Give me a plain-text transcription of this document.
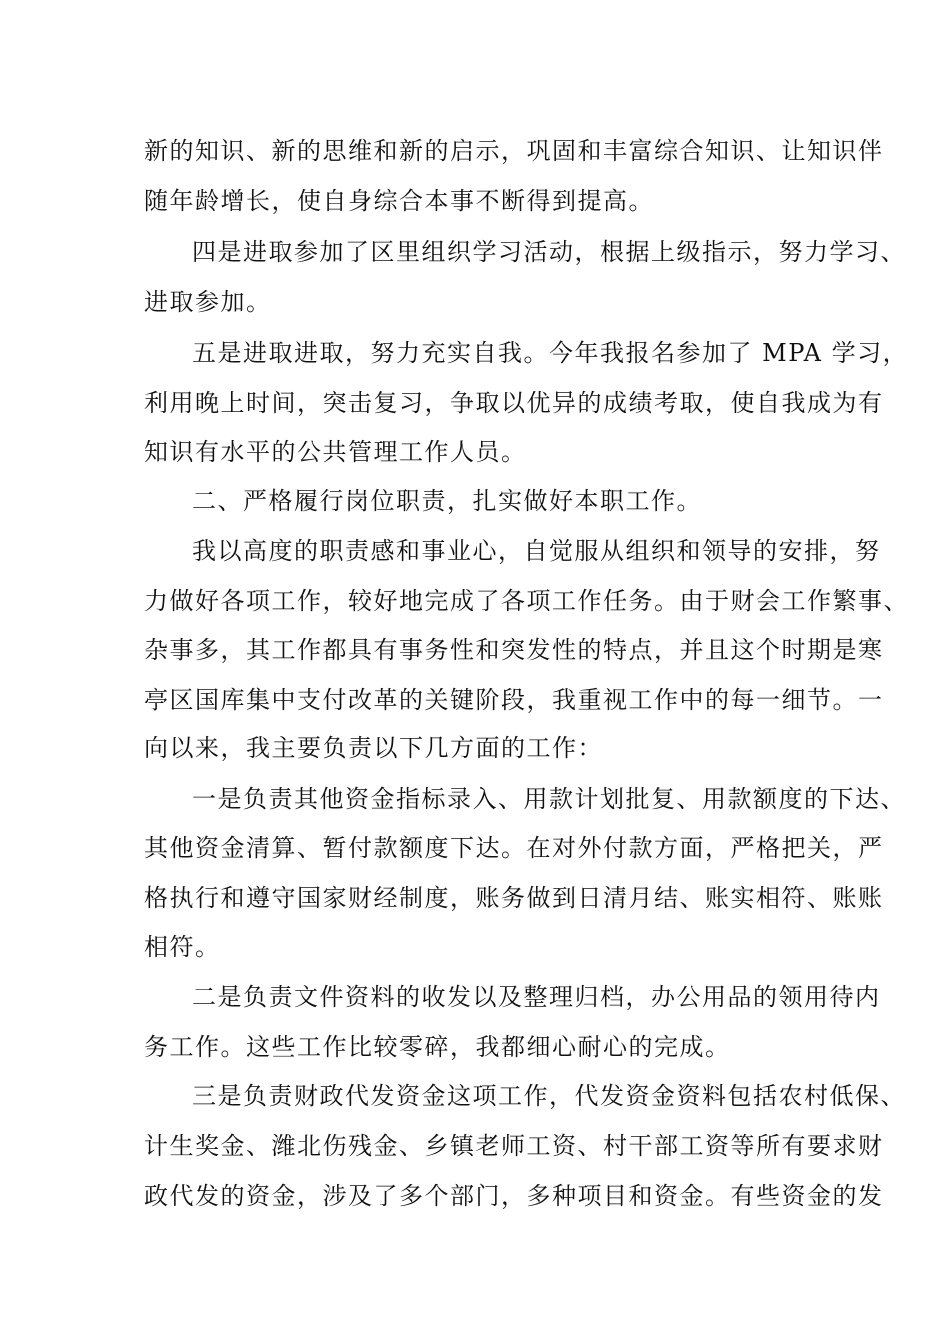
新的知识、新的思维和新的启示，巩固和丰富综合知识、让知识伴
随年龄增长，使自身综合本事不断得到提高。
四是进取参加了区里组织学习活动，根据上级指示，努力学习、
进取参加。
五是进取进取，努力充实自我。今年我报名参加了 MPA 学习，
利用晚上时间，突击复习，争取以优异的成绩考取，使自我成为有
知识有水平的公共管理工作人员。
二、严格履行岗位职责，扎实做好本职工作。
我以高度的职责感和事业心，自觉服从组织和领导的安排，努
力做好各项工作，较好地完成了各项工作任务。由于财会工作繁事、
杂事多，其工作都具有事务性和突发性的特点，并且这个时期是寒
亭区国库集中支付改革的关键阶段，我重视工作中的每一细节。一
向以来，我主要负责以下几方面的工作：
一是负责其他资金指标录入、用款计划批复、用款额度的下达、
其他资金清算、暂付款额度下达。在对外付款方面，严格把关，严
格执行和遵守国家财经制度，账务做到日清月结、账实相符、账账
相符。
二是负责文件资料的收发以及整理归档，办公用品的领用待内
务工作。这些工作比较零碎，我都细心耐心的完成。
三是负责财政代发资金这项工作，代发资金资料包括农村低保、
计生奖金、潍北伤残金、乡镇老师工资、村干部工资等所有要求财
政代发的资金，涉及了多个部门，多种项目和资金。有些资金的发
